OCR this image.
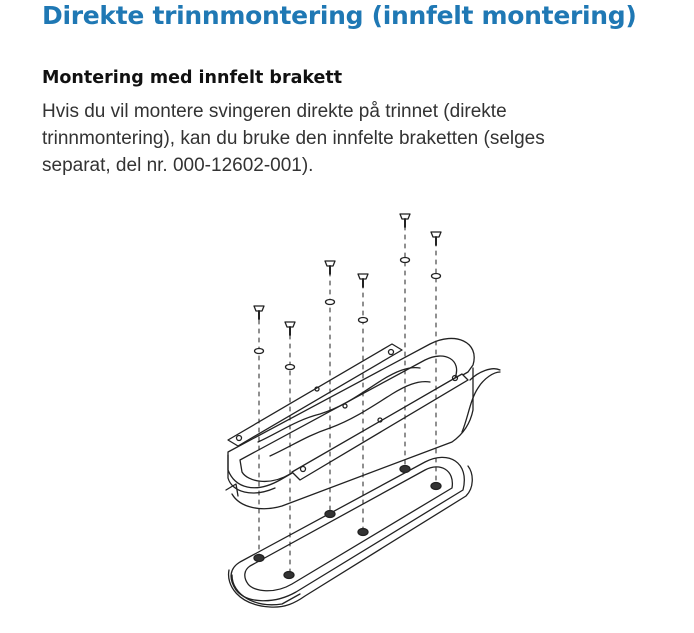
Direkte trinnmontering (innfelt montering)
Montering med innfelt brakett

Hvis du vil montere svingeren direkte på trinnet (direkte
trinnmontering), kan du bruke den innfelte braketten (selges
separat, del nr. 000-12602-001).
